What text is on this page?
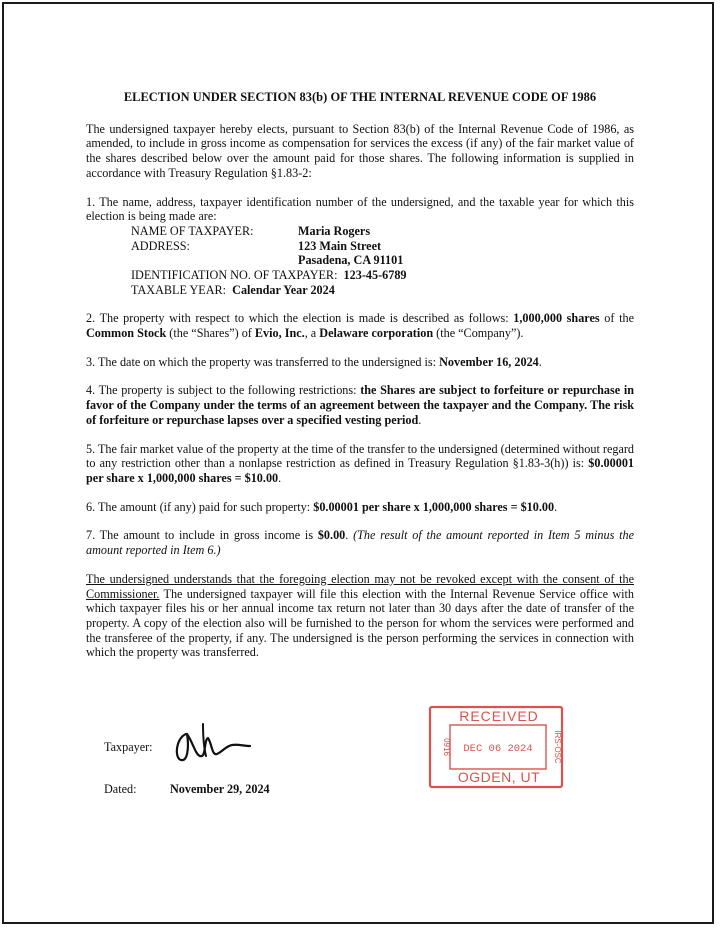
ELECTION UNDER SECTION 83(b) OF THE INTERNAL REVENUE CODE OF 1986

The undersigned taxpayer hereby elects, pursuant to Section 83(b) of the Internal Revenue Code of 1986, as amended, to include in gross income as compensation for services the excess (if any) of the fair market value of the shares described below over the amount paid for those shares. The following information is supplied in accordance with Treasury Regulation §1.83-2:

1. The name, address, taxpayer identification number of the undersigned, and the taxable year for which this election is being made are:

NAME OF TAXPAYER:	Maria Rogers
ADDRESS:	123 Main Street
Pasadena, CA 91101
IDENTIFICATION NO. OF TAXPAYER: 123-45-6789
TAXABLE YEAR: Calendar Year 2024

2. The property with respect to which the election is made is described as follows: 1,000,000 shares of the Common Stock (the “Shares”) of Evio, Inc., a Delaware corporation (the “Company”).

3. The date on which the property was transferred to the undersigned is: November 16, 2024.

4. The property is subject to the following restrictions: the Shares are subject to forfeiture or repurchase in favor of the Company under the terms of an agreement between the taxpayer and the Company. The risk of forfeiture or repurchase lapses over a specified vesting period.

5. The fair market value of the property at the time of the transfer to the undersigned (determined without regard to any restriction other than a nonlapse restriction as defined in Treasury Regulation §1.83-3(h)) is: $0.00001 per share x 1,000,000 shares = $10.00.

6. The amount (if any) paid for such property: $0.00001 per share x 1,000,000 shares = $10.00.

7. The amount to include in gross income is $0.00. (The result of the amount reported in Item 5 minus the amount reported in Item 6.)

The undersigned understands that the foregoing election may not be revoked except with the consent of the Commissioner. The undersigned taxpayer will file this election with the Internal Revenue Service office with which taxpayer files his or her annual income tax return not later than 30 days after the date of transfer of the property. A copy of the election also will be furnished to the person for whom the services were performed and the transferee of the property, if any. The undersigned is the person performing the services in connection with which the property was transferred.

Taxpayer:
Dated:	November 29, 2024
RECEIVED
DEC 06 2024
OGDEN, UT
0916	IRS-OSC
